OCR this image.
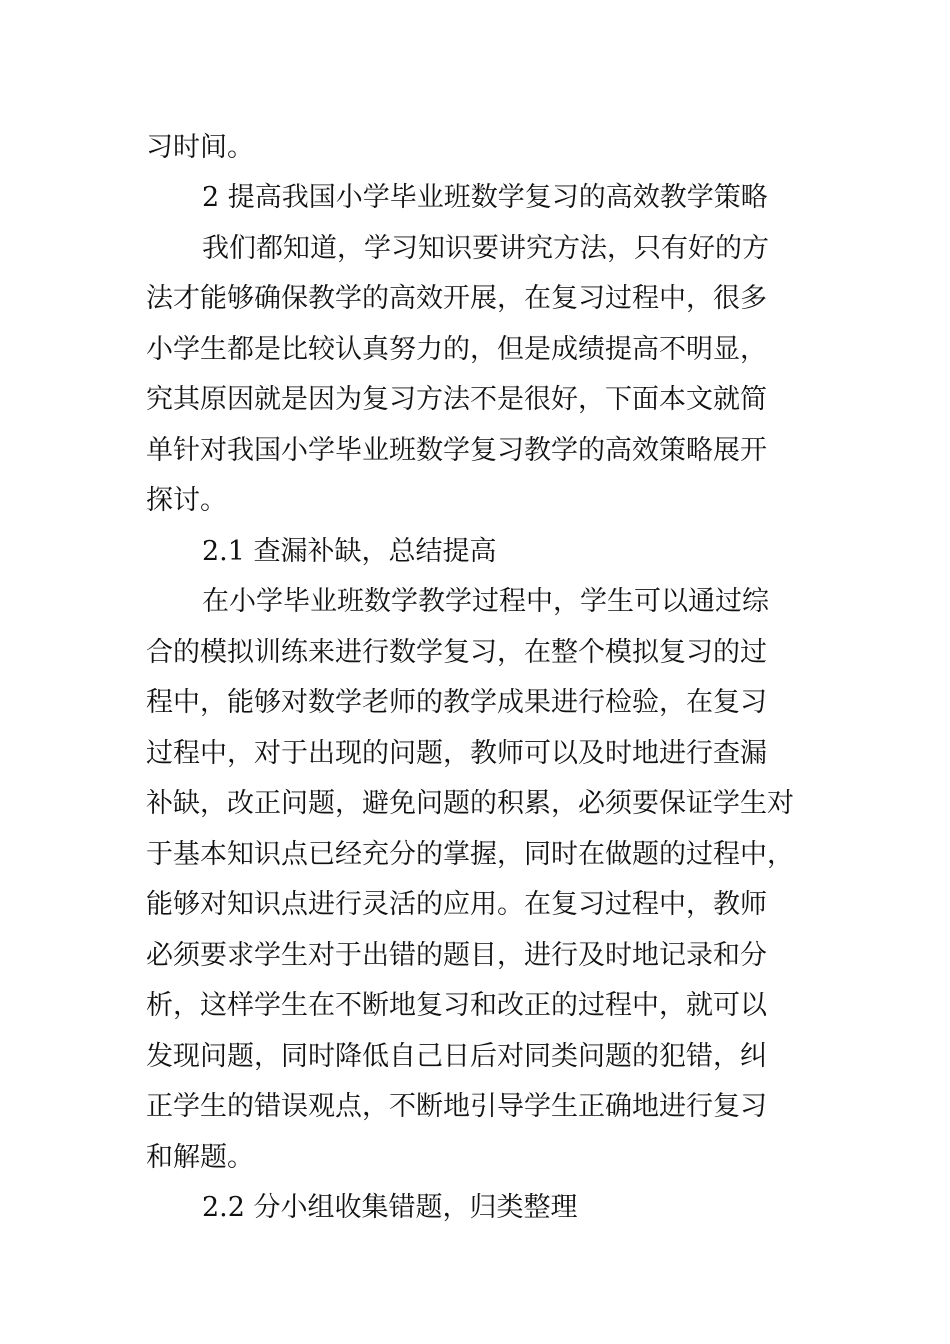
习时间。
2 提高我国小学毕业班数学复习的高效教学策略
我们都知道，学习知识要讲究方法，只有好的方
法才能够确保教学的高效开展，在复习过程中，很多
小学生都是比较认真努力的，但是成绩提高不明显，
究其原因就是因为复习方法不是很好，下面本文就简
单针对我国小学毕业班数学复习教学的高效策略展开
探讨。
2.1 查漏补缺，总结提高
在小学毕业班数学教学过程中，学生可以通过综
合的模拟训练来进行数学复习，在整个模拟复习的过
程中，能够对数学老师的教学成果进行检验，在复习
过程中，对于出现的问题，教师可以及时地进行查漏
补缺，改正问题，避免问题的积累，必须要保证学生对
于基本知识点已经充分的掌握，同时在做题的过程中，
能够对知识点进行灵活的应用。在复习过程中，教师
必须要求学生对于出错的题目，进行及时地记录和分
析，这样学生在不断地复习和改正的过程中，就可以
发现问题，同时降低自己日后对同类问题的犯错，纠
正学生的错误观点，不断地引导学生正确地进行复习
和解题。
2.2 分小组收集错题，归类整理
